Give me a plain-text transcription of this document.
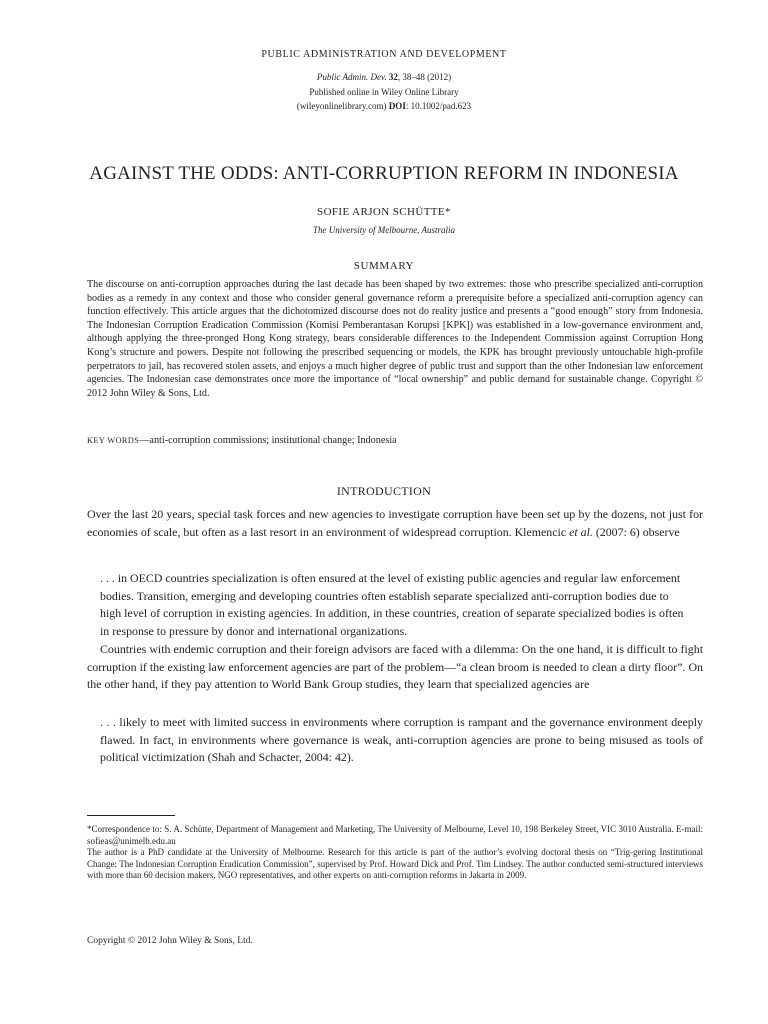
PUBLIC ADMINISTRATION AND DEVELOPMENT
Public Admin. Dev. 32, 38–48 (2012)
Published online in Wiley Online Library
(wileyonlinelibrary.com) DOI: 10.1002/pad.623
AGAINST THE ODDS: ANTI-CORRUPTION REFORM IN INDONESIA
SOFIE ARJON SCHÜTTE*
The University of Melbourne, Australia
SUMMARY

The discourse on anti-corruption approaches during the last decade has been shaped by two extremes: those who prescribe specialized anti-corruption bodies as a remedy in any context and those who consider general governance reform a prerequisite before a specialized anti-corruption agency can function effectively. This article argues that the dichotomized discourse does not do reality justice and presents a “good enough” story from Indonesia. The Indonesian Corruption Eradication Commission (Komisi Pemberantasan Korupsi [KPK]) was established in a low-governance environment and, although applying the three-pronged Hong Kong strategy, bears considerable differences to the Independent Commission against Corruption Hong Kong’s structure and powers. Despite not following the prescribed sequencing or models, the KPK has brought previously untouchable high-profile perpetrators to jail, has recovered stolen assets, and enjoys a much higher degree of public trust and support than the other Indonesian law enforcement agencies. The Indonesian case demonstrates once more the importance of “local ownership” and public demand for sustainable change. Copyright © 2012 John Wiley & Sons, Ltd.

KEY WORDS—anti-corruption commissions; institutional change; Indonesia

INTRODUCTION

Over the last 20 years, special task forces and new agencies to investigate corruption have been set up by the dozens, not just for economies of scale, but often as a last resort in an environment of widespread corruption. Klemencic et al. (2007: 6) observe

. . . in OECD countries specialization is often ensured at the level of existing public agencies and regular law enforcement bodies. Transition, emerging and developing countries often establish separate specialized anti-corruption bodies due to high level of corruption in existing agencies. In addition, in these countries, creation of separate specialized bodies is often in response to pressure by donor and international organizations.

Countries with endemic corruption and their foreign advisors are faced with a dilemma: On the one hand, it is difficult to fight corruption if the existing law enforcement agencies are part of the problem—“a clean broom is needed to clean a dirty floor”. On the other hand, if they pay attention to World Bank Group studies, they learn that specialized agencies are

. . . likely to meet with limited success in environments where corruption is rampant and the governance environment deeply flawed. In fact, in environments where governance is weak, anti-corruption agencies are prone to being misused as tools of political victimization (Shah and Schacter, 2004: 42).

*Correspondence to: S. A. Schütte, Department of Management and Marketing, The University of Melbourne, Level 10, 198 Berkeley Street, VIC 3010 Australia. E-mail: sofieas@unimelb.edu.au

The author is a PhD candidate at the University of Melbourne. Research for this article is part of the author’s evolving doctoral thesis on “Trig-gering Institutional Change: The Indonesian Corruption Eradication Commission”, supervised by Prof. Howard Dick and Prof. Tim Lindsey. The author conducted semi-structured interviews with more than 60 decision makers, NGO representatives, and other experts on anti-corruption reforms in Jakarta in 2009.

Copyright © 2012 John Wiley & Sons, Ltd.
